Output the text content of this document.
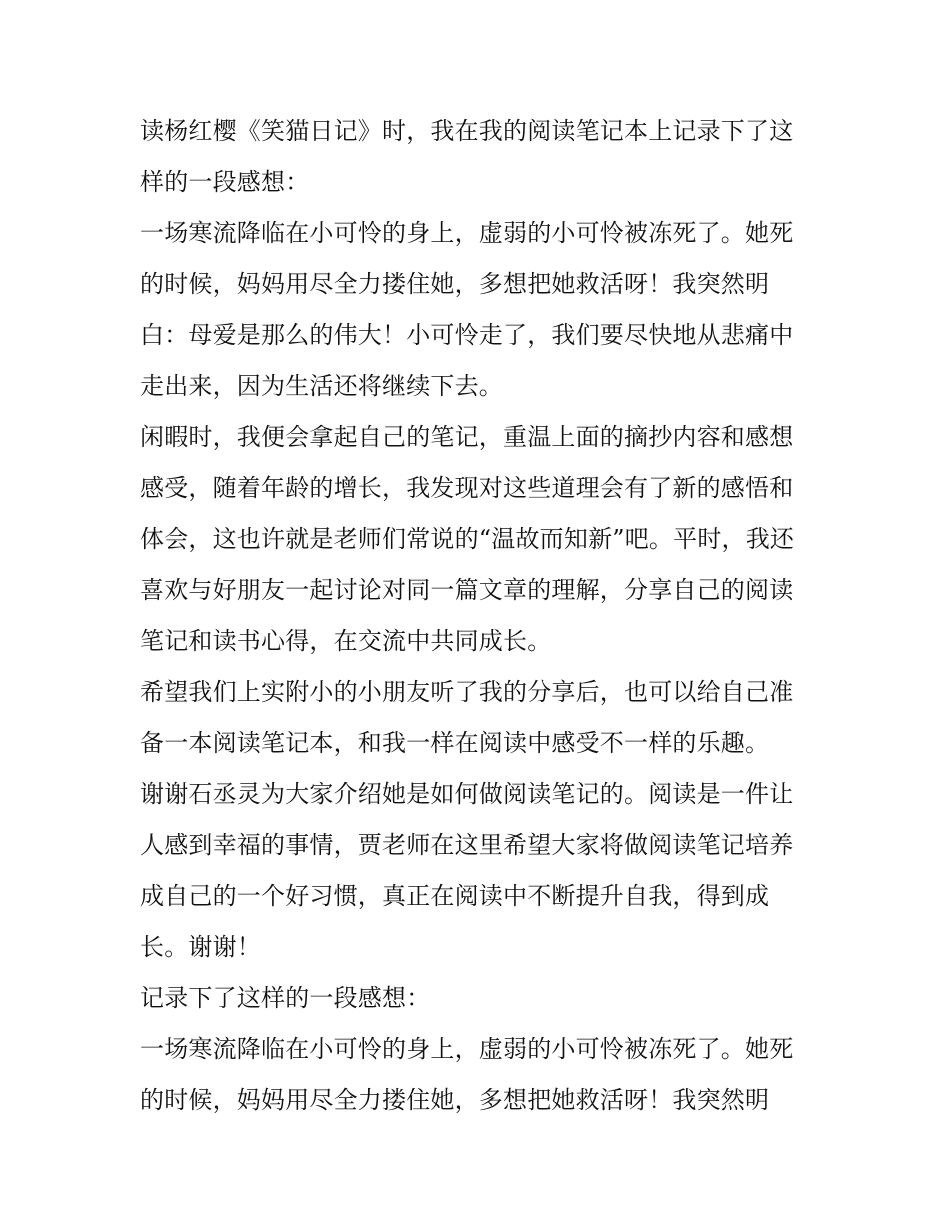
读杨红樱《笑猫日记》时，我在我的阅读笔记本上记录下了这
样的一段感想：
一场寒流降临在小可怜的身上，虚弱的小可怜被冻死了。她死
的时候，妈妈用尽全力搂住她，多想把她救活呀！我突然明
白：母爱是那么的伟大！小可怜走了，我们要尽快地从悲痛中
走出来，因为生活还将继续下去。
闲暇时，我便会拿起自己的笔记，重温上面的摘抄内容和感想
感受，随着年龄的增长，我发现对这些道理会有了新的感悟和
体会，这也许就是老师们常说的“温故而知新”吧。平时，我还
喜欢与好朋友一起讨论对同一篇文章的理解，分享自己的阅读
笔记和读书心得，在交流中共同成长。
希望我们上实附小的小朋友听了我的分享后，也可以给自己准
备一本阅读笔记本，和我一样在阅读中感受不一样的乐趣。
谢谢石丞灵为大家介绍她是如何做阅读笔记的。阅读是一件让
人感到幸福的事情，贾老师在这里希望大家将做阅读笔记培养
成自己的一个好习惯，真正在阅读中不断提升自我，得到成
长。谢谢！
记录下了这样的一段感想：
一场寒流降临在小可怜的身上，虚弱的小可怜被冻死了。她死
的时候，妈妈用尽全力搂住她，多想把她救活呀！我突然明
